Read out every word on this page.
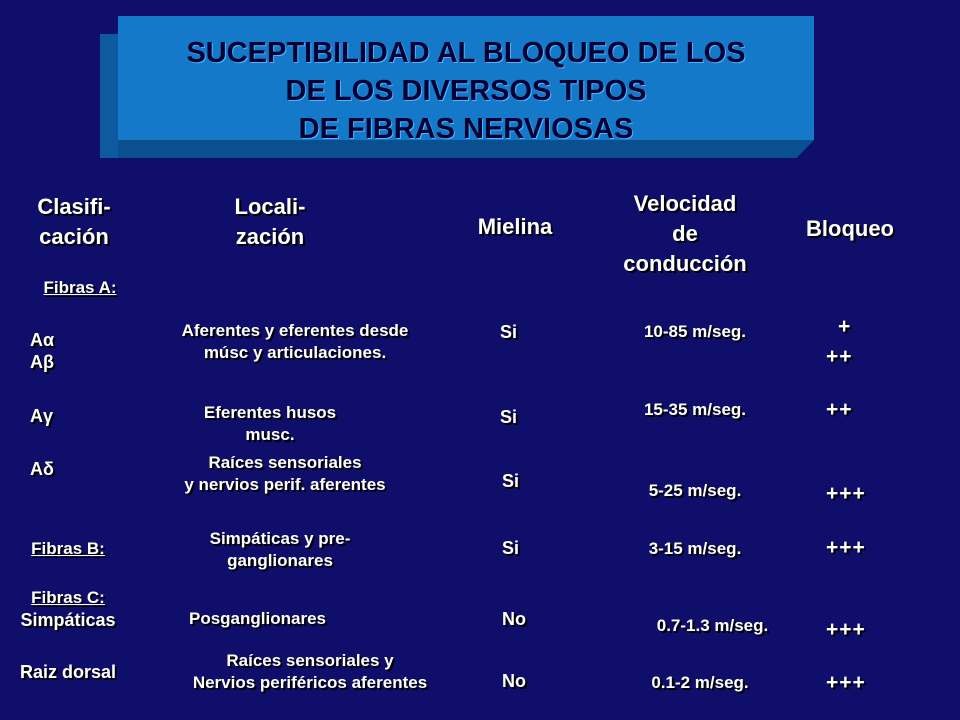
SUCEPTIBILIDAD AL BLOQUEO DE LOS
DE LOS DIVERSOS TIPOS
DE FIBRAS NERVIOSAS
Clasifi-
cación
Locali-
zación	Mielina
Velocidad
de
conducción
Bloqueo
Fibras A:
Fibras B:
Fibras C:
Aα
Aβ
Aγ
Aδ
Simpáticas
Raiz dorsal
Aferentes y eferentes desde
músc y articulaciones.
Eferentes husos
musc.
Raíces sensoriales
y nervios perif. aferentes
Simpáticas y pre-
ganglionares
Posganglionares
Raíces sensoriales y
Nervios periféricos aferentes
Si
Si
Si
Si
No
No
10-85 m/seg.
15-35 m/seg.
5-25 m/seg.
3-15 m/seg.
0.7-1.3 m/seg.
0.1-2 m/seg.
+
++
++
+++
+++
+++
+++
